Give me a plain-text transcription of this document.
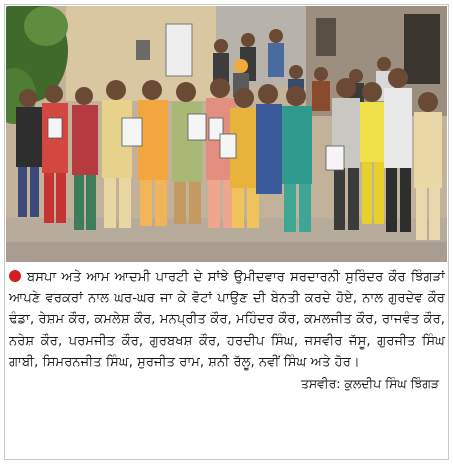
ਬਸਪਾ ਅਤੇ ਆਮ ਆਦਮੀ ਪਾਰਟੀ ਦੇ ਸਾਂਝੇ ਉਮੀਦਵਾਰ ਸਰਦਾਰਨੀ ਸੁਰਿੰਦਰ ਕੌਰ ਝਿੰਗੜਾਂ ਆਪਣੇ ਵਰਕਰਾਂ ਨਾਲ ਘਰ-ਘਰ ਜਾ ਕੇ ਵੋਟਾਂ ਪਾਉਣ ਦੀ ਬੇਨਤੀ ਕਰਦੇ ਹੋਏ, ਨਾਲ ਗੁਰਦੇਵ ਕੌਰ ਢੰਡਾ, ਰੇਸ਼ਮ ਕੌਰ, ਕਮਲੇਸ਼ ਕੌਰ, ਮਨਪ੍ਰੀਤ ਕੌਰ, ਮਹਿੰਦਰ ਕੌਰ, ਕਮਲਜੀਤ ਕੌਰ, ਰਾਜਵੰਤ ਕੌਰ, ਨਰੇਸ਼ ਕੌਰ, ਪਰਮਜੀਤ ਕੌਰ, ਗੁਰਬਖਸ਼ ਕੌਰ, ਹਰਦੀਪ ਸਿੰਘ, ਜਸਵੀਰ ਜੱਸੂ, ਗੁਰਜੀਤ ਸਿੰਘ ਗਾਬੀ, ਸਿਮਰਨਜੀਤ ਸਿੰਘ, ਸੁਰਜੀਤ ਰਾਮ, ਸ਼ਨੀ ਰੱਲੂ, ਨਵੀਂ ਸਿੰਘ ਅਤੇ ਹੋਰ।
ਤਸਵੀਰ: ਕੁਲਦੀਪ ਸਿੰਘ ਝਿੰਗੜ
